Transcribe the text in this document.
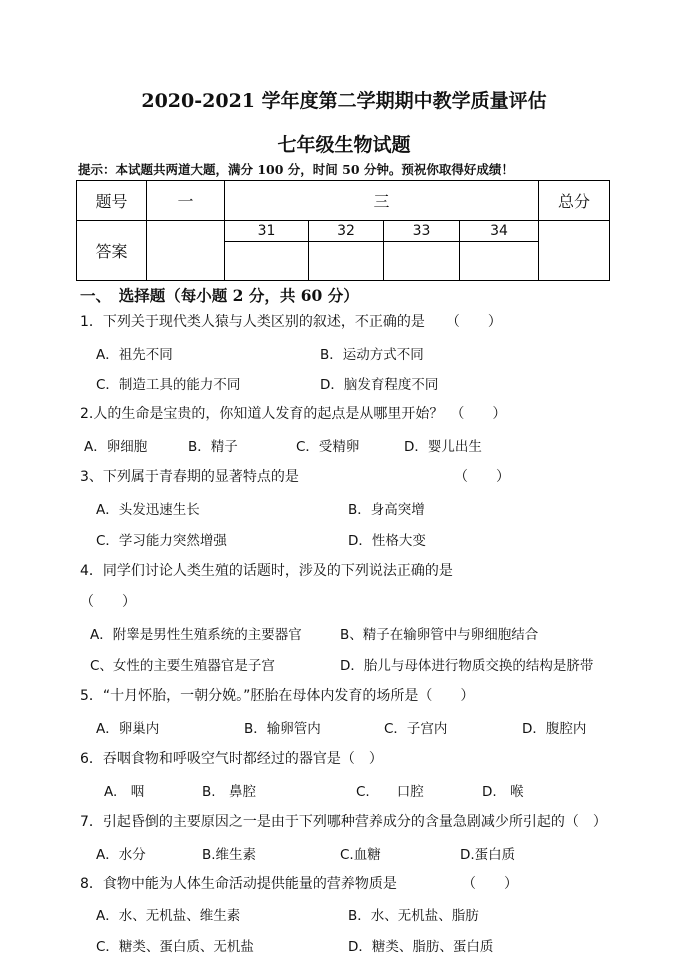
2020-2021 学年度第二学期期中教学质量评估
七年级生物试题
提示：本试题共两道大题，满分 100 分，时间 50 分钟。预祝你取得好成绩！
题号	一	三				总分
答案		31	32	33	34	

一、　选择题（每小题 2 分，共 60 分）
1．下列关于现代类人猿与人类区别的叙述，不正确的是　　（　　）
A．祖先不同	B．运动方式不同
C．制造工具的能力不同	D．脑发育程度不同
2.人的生命是宝贵的，你知道人发育的起点是从哪里开始？　（　　）
A．卵细胞	B．精子	C．受精卵	D．婴儿出生
3、下列属于青春期的显著特点的是	（　　）
A．头发迅速生长	B．身高突增
C．学习能力突然增强	D．性格大变
4．同学们讨论人类生殖的话题时，涉及的下列说法正确的是
（　　）
A．附睾是男性生殖系统的主要器官	B、精子在输卵管中与卵细胞结合
C、女性的主要生殖器官是子宫	D．胎儿与母体进行物质交换的结构是脐带
5．“十月怀胎，一朝分娩。”胚胎在母体内发育的场所是（　　）
A．卵巢内	B．输卵管内	C．子宫内	D．腹腔内
6．吞咽食物和呼吸空气时都经过的器官是（　）
A.　咽	B.　鼻腔	C.　　口腔	D.　喉
7．引起昏倒的主要原因之一是由于下列哪种营养成分的含量急剧减少所引起的（　）
A．水分	B.维生素	C.血糖	D.蛋白质
8．食物中能为人体生命活动提供能量的营养物质是	（　　）
A．水、无机盐、维生素	B．水、无机盐、脂肪
C．糖类、蛋白质、无机盐	D．糖类、脂肪、蛋白质
